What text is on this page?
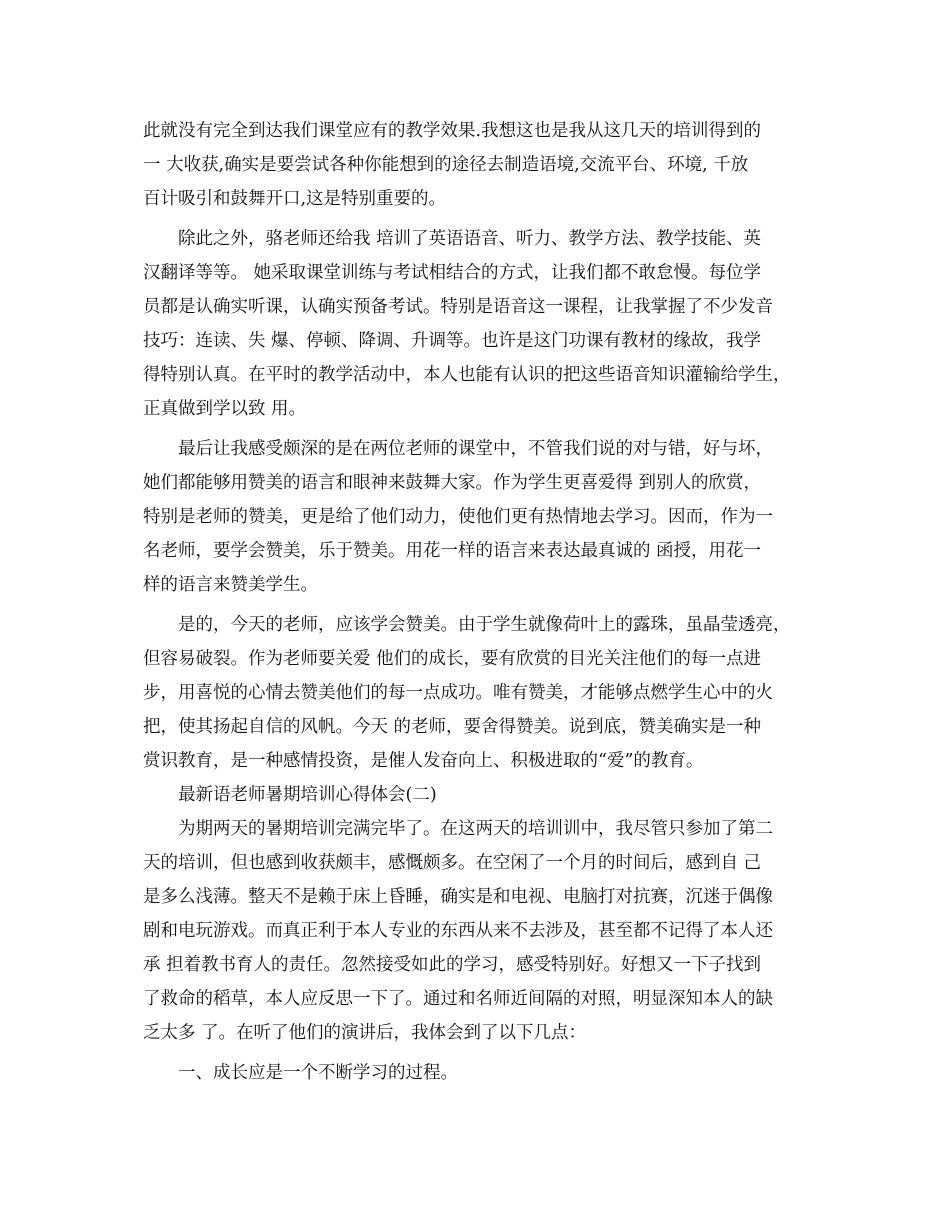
此就没有完全到达我们课堂应有的教学效果.我想这也是我从这几天的培训得到的
一 大收获,确实是要尝试各种你能想到的途径去制造语境,交流平台、环境, 千放
百计吸引和鼓舞开口,这是特别重要的。
　　除此之外，骆老师还给我 培训了英语语音、听力、教学方法、教学技能、英
汉翻译等等。 她采取课堂训练与考试相结合的方式，让我们都不敢怠慢。每位学
员都是认确实听课，认确实预备考试。特别是语音这一课程，让我掌握了不少发音
技巧：连读、失 爆、停顿、降调、升调等。也许是这门功课有教材的缘故，我学
得特别认真。在平时的教学活动中，本人也能有认识的把这些语音知识灌输给学生，
正真做到学以致 用。
　　最后让我感受颇深的是在两位老师的课堂中，不管我们说的对与错，好与坏，
她们都能够用赞美的语言和眼神来鼓舞大家。作为学生更喜爱得 到别人的欣赏，
特别是老师的赞美，更是给了他们动力，使他们更有热情地去学习。因而，作为一
名老师，要学会赞美，乐于赞美。用花一样的语言来表达最真诚的 函授，用花一
样的语言来赞美学生。
　　是的，今天的老师，应该学会赞美。由于学生就像荷叶上的露珠，虽晶莹透亮，
但容易破裂。作为老师要关爱 他们的成长，要有欣赏的目光关注他们的每一点进
步，用喜悦的心情去赞美他们的每一点成功。唯有赞美，才能够点燃学生心中的火
把，使其扬起自信的风帆。今天 的老师，要舍得赞美。说到底，赞美确实是一种
赏识教育，是一种感情投资，是催人发奋向上、积极进取的“爱”的教育。
　　最新语老师暑期培训心得体会(二)
　　为期两天的暑期培训完满完毕了。在这两天的培训训中，我尽管只参加了第二
天的培训，但也感到收获颇丰，感慨颇多。在空闲了一个月的时间后，感到自 己
是多么浅薄。整天不是赖于床上昏睡，确实是和电视、电脑打对抗赛，沉迷于偶像
剧和电玩游戏。而真正利于本人专业的东西从来不去涉及，甚至都不记得了本人还
承 担着教书育人的责任。忽然接受如此的学习，感受特别好。好想又一下子找到
了救命的稻草，本人应反思一下了。通过和名师近间隔的对照，明显深知本人的缺
乏太多 了。在听了他们的演讲后，我体会到了以下几点：
　　一、成长应是一个不断学习的过程。
